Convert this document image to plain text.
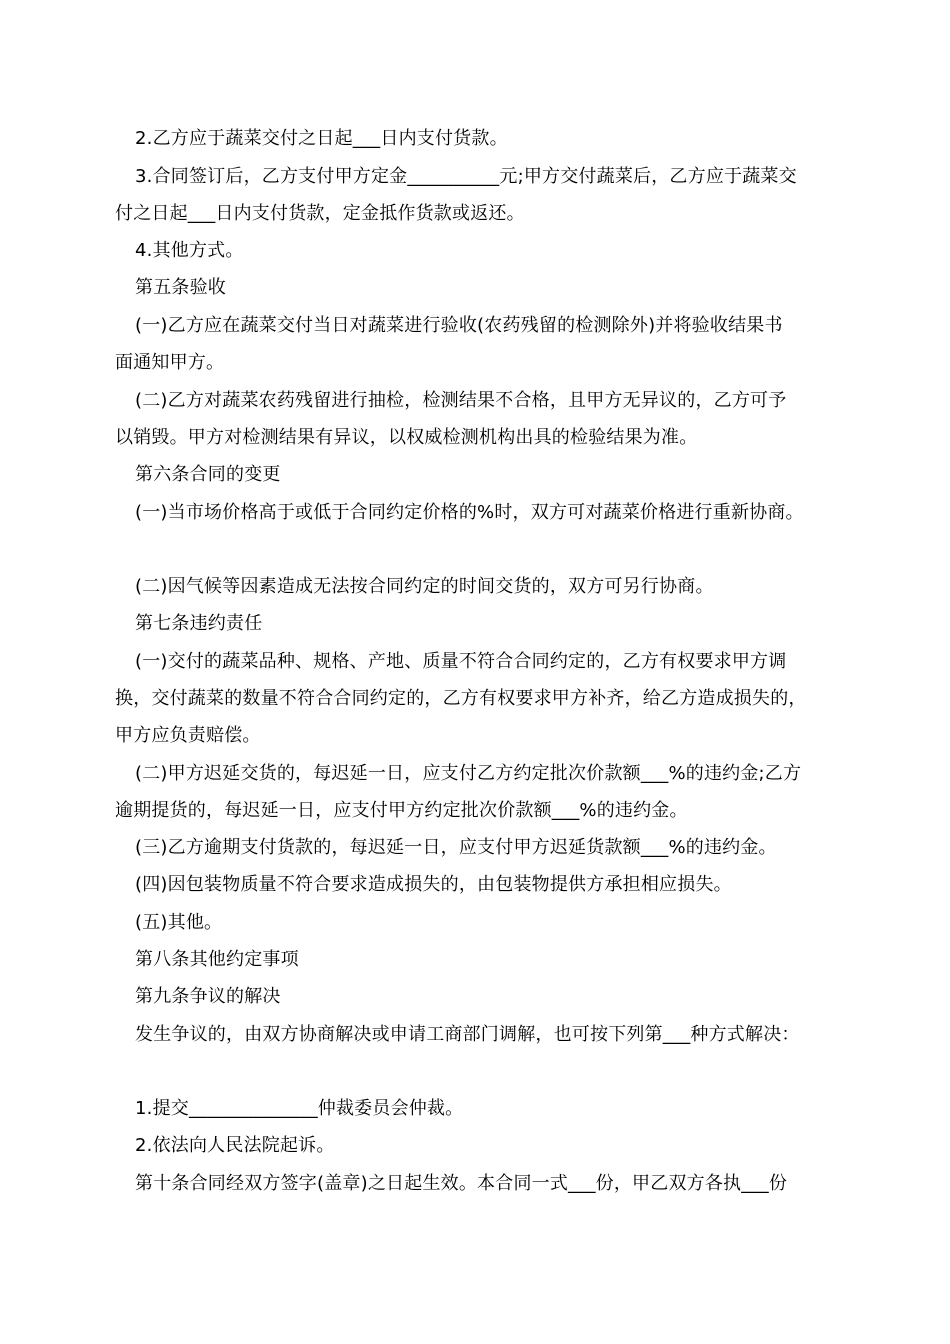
2.乙方应于蔬菜交付之日起___日内支付货款。
3.合同签订后，乙方支付甲方定金__________元;甲方交付蔬菜后，乙方应于蔬菜交
付之日起___日内支付货款，定金抵作货款或返还。
4.其他方式。
第五条验收
(一)乙方应在蔬菜交付当日对蔬菜进行验收(农药残留的检测除外)并将验收结果书
面通知甲方。
(二)乙方对蔬菜农药残留进行抽检，检测结果不合格，且甲方无异议的，乙方可予
以销毁。甲方对检测结果有异议，以权威检测机构出具的检验结果为准。
第六条合同的变更
(一)当市场价格高于或低于合同约定价格的%时，双方可对蔬菜价格进行重新协商。
(二)因气候等因素造成无法按合同约定的时间交货的，双方可另行协商。
第七条违约责任
(一)交付的蔬菜品种、规格、产地、质量不符合合同约定的，乙方有权要求甲方调
换，交付蔬菜的数量不符合合同约定的，乙方有权要求甲方补齐，给乙方造成损失的，
甲方应负责赔偿。
(二)甲方迟延交货的，每迟延一日，应支付乙方约定批次价款额___%的违约金;乙方
逾期提货的，每迟延一日，应支付甲方约定批次价款额___%的违约金。
(三)乙方逾期支付货款的，每迟延一日，应支付甲方迟延货款额___%的违约金。
(四)因包装物质量不符合要求造成损失的，由包装物提供方承担相应损失。
(五)其他。
第八条其他约定事项
第九条争议的解决
发生争议的，由双方协商解决或申请工商部门调解，也可按下列第___种方式解决：
1.提交______________仲裁委员会仲裁。
2.依法向人民法院起诉。
第十条合同经双方签字(盖章)之日起生效。本合同一式___份，甲乙双方各执___份
